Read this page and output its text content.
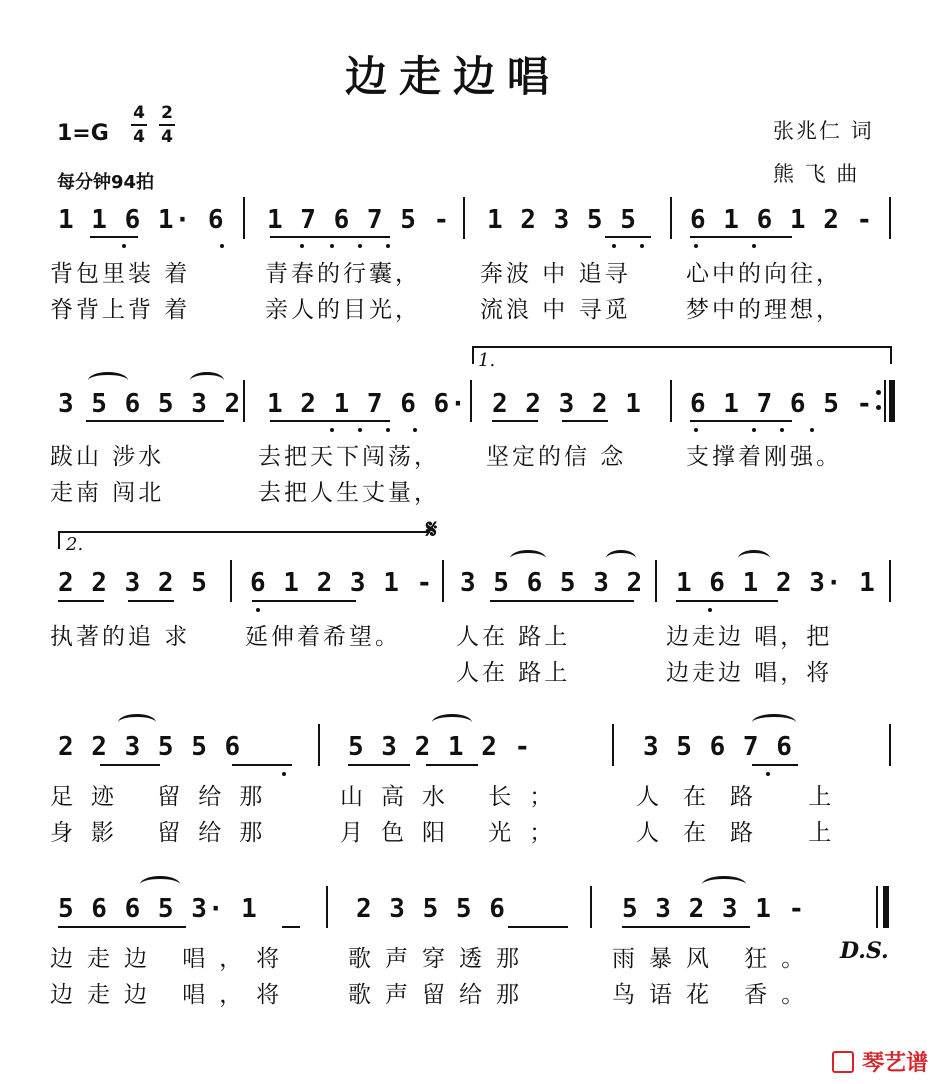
边走边唱
1=G
4
4
2
4
每分钟94拍
张兆仁 词
熊 飞 曲
1 1 6 1· 6 1 7 6 7 5 - 1 2 3 5 5 6 1 6 1 2 -
背包里装 着	青春的行囊，	奔波 中 追寻 心中的向往，
脊背上背 着	亲人的目光，	流浪 中 寻觅 梦中的理想，
1.
3 5 6 5 3 2 1 2 1 7 6 6· 2 2 3 2 1 6 1 7 6 5 -
跋山 涉水	去把天下闯荡， 坚定的信 念	支撑着刚强。
走南 闯北	去把人生丈量，
2.	𝄋
2 2 3 2 5 6 1 2 3 1 - 3 5 6 5 3 2 1 6 1 2 3· 1
执著的追 求 延伸着希望。 人在 路上	边走边 唱，把
人在 路上	边走边 唱，将
2 2 3 5 5 6	5 3 2 1 2 -	3 5 6 7 6
足迹 留给那	山高水 长；	人在路 上
身影 留给那	月色阳 光；	人在路 上
5 6 6 5 3· 1	2 3 5 5 6	5 3 2 3 1 -
边走边 唱，将 歌声穿透那	雨暴风 狂。 D.S.
边走边 唱，将 歌声留给那	鸟语花 香。
琴艺谱
